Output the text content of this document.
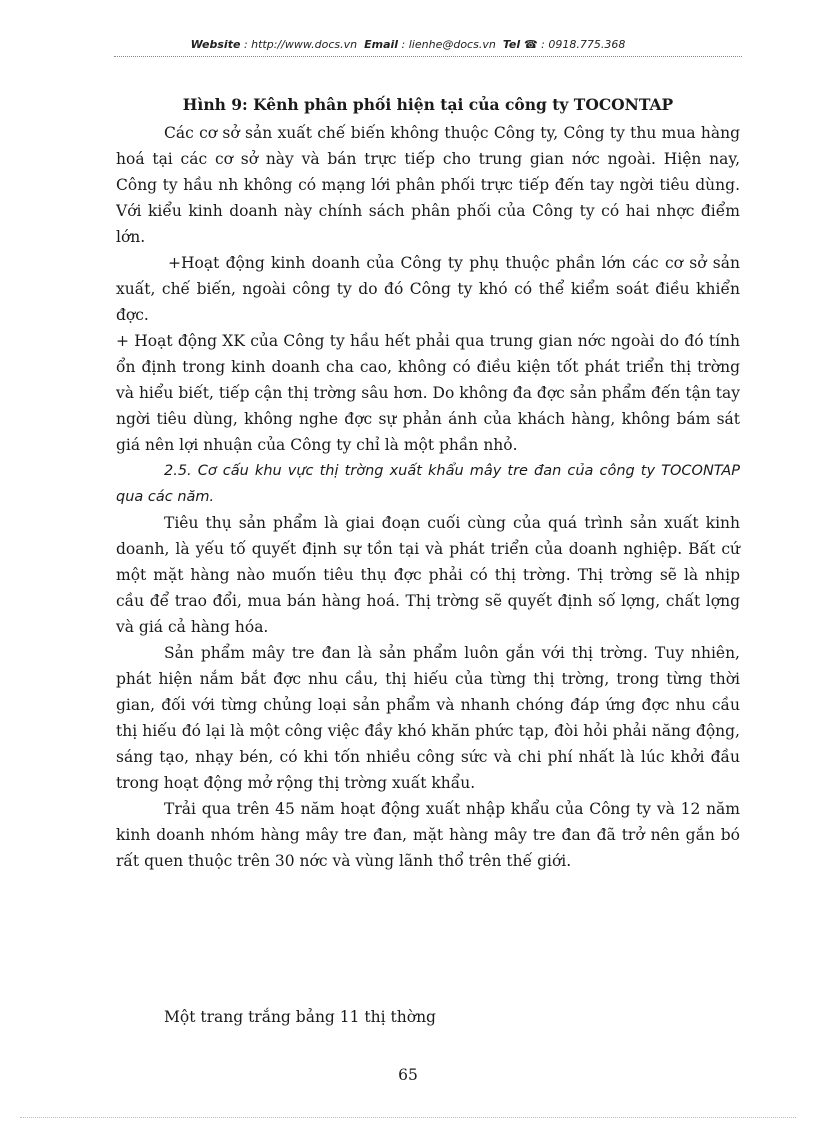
Website : http://www.docs.vn Email : lienhe@docs.vn Tel ☎ : 0918.775.368

Hình 9: Kênh phân phối hiện tại của công ty TOCONTAP

Các cơ sở sản xuất chế biến không thuộc Công ty, Công ty thu mua hàng hoá tại các cơ sở này và bán trực tiếp cho trung gian nớc ngoài. Hiện nay, Công ty hầu nh không có mạng lới phân phối trực tiếp đến tay ngời tiêu dùng. Với kiểu kinh doanh này chính sách phân phối của Công ty có hai nhợc điểm lớn.

+Hoạt động kinh doanh của Công ty phụ thuộc phần lớn các cơ sở sản xuất, chế biến, ngoài công ty do đó Công ty khó có thể kiểm soát điều khiển đợc.

+ Hoạt động XK của Công ty hầu hết phải qua trung gian nớc ngoài do đó tính ổn định trong kinh doanh cha cao, không có điều kiện tốt phát triển thị trờng và hiểu biết, tiếp cận thị trờng sâu hơn. Do không đa đợc sản phẩm đến tận tay ngời tiêu dùng, không nghe đợc sự phản ánh của khách hàng, không bám sát giá nên lợi nhuận của Công ty chỉ là một phần nhỏ.

2.5. Cơ cấu khu vực thị trờng xuất khẩu mây tre đan của công ty TOCONTAP qua các năm.

Tiêu thụ sản phẩm là giai đoạn cuối cùng của quá trình sản xuất kinh doanh, là yếu tố quyết định sự tồn tại và phát triển của doanh nghiệp. Bất cứ một mặt hàng nào muốn tiêu thụ đợc phải có thị trờng. Thị trờng sẽ là nhịp cầu để trao đổi, mua bán hàng hoá. Thị trờng sẽ quyết định số lợng, chất lợng và giá cả hàng hóa.

Sản phẩm mây tre đan là sản phẩm luôn gắn với thị trờng. Tuy nhiên, phát hiện nắm bắt đợc nhu cầu, thị hiếu của từng thị trờng, trong từng thời gian, đối với từng chủng loại sản phẩm và nhanh chóng đáp ứng đợc nhu cầu thị hiếu đó lại là một công việc đầy khó khăn phức tạp, đòi hỏi phải năng động, sáng tạo, nhạy bén, có khi tốn nhiều công sức và chi phí nhất là lúc khởi đầu trong hoạt động mở rộng thị trờng xuất khẩu.

Trải qua trên 45 năm hoạt động xuất nhập khẩu của Công ty và 12 năm kinh doanh nhóm hàng mây tre đan, mặt hàng mây tre đan đã trở nên gắn bó rất quen thuộc trên 30 nớc và vùng lãnh thổ trên thế giới.

Một trang trắng bảng 11 thị thờng
65
